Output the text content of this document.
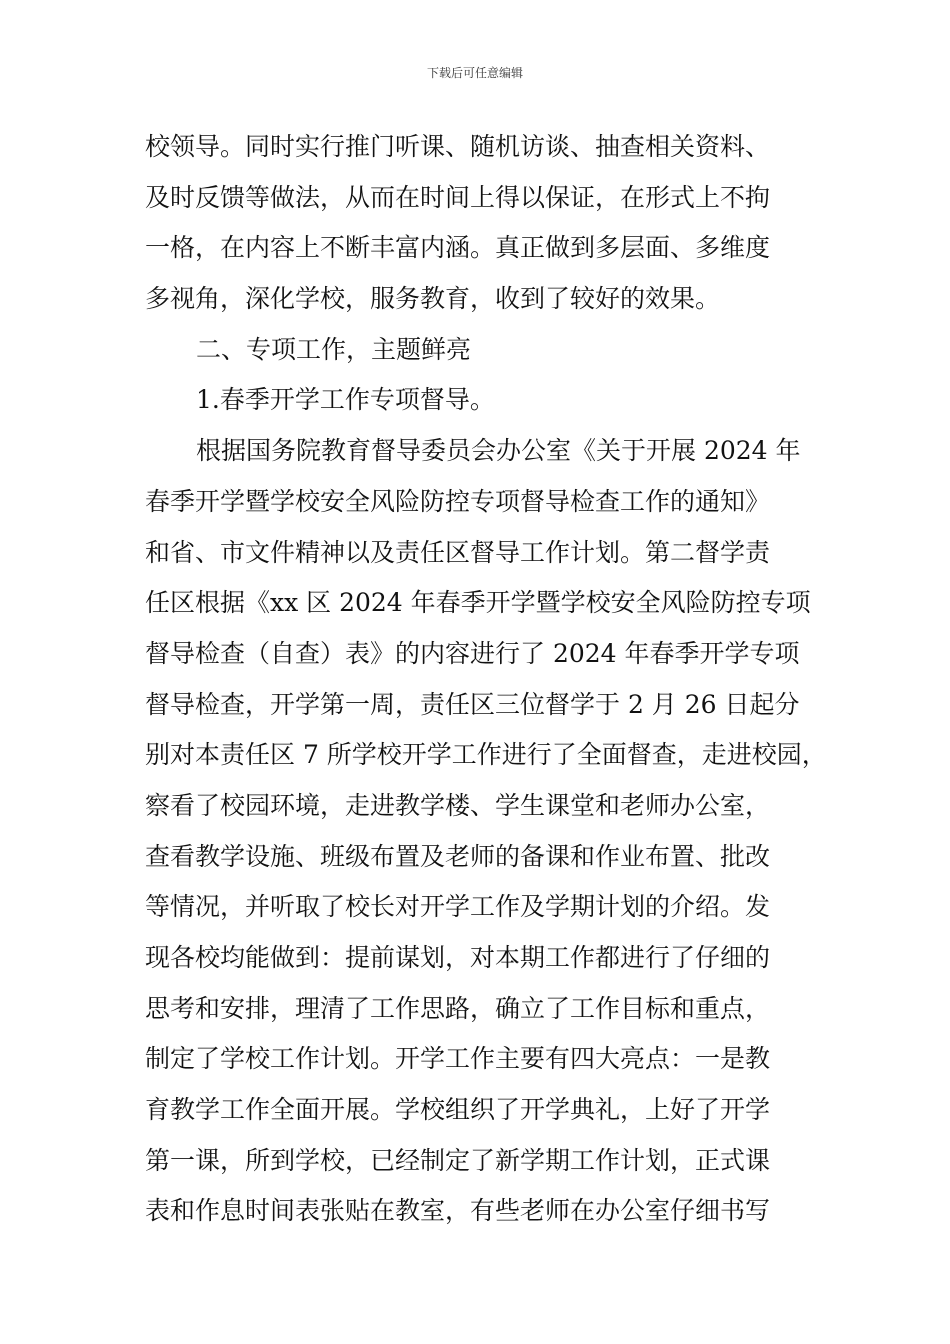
下载后可任意编辑
校领导。同时实行推门听课、随机访谈、抽查相关资料、
及时反馈等做法，从而在时间上得以保证，在形式上不拘
一格，在内容上不断丰富内涵。真正做到多层面、多维度
多视角，深化学校，服务教育，收到了较好的效果。
二、专项工作，主题鲜亮
1.春季开学工作专项督导。
根据国务院教育督导委员会办公室《关于开展 2024 年
春季开学暨学校安全风险防控专项督导检查工作的通知》
和省、市文件精神以及责任区督导工作计划。第二督学责
任区根据《xx 区 2024 年春季开学暨学校安全风险防控专项
督导检查（自查）表》的内容进行了 2024 年春季开学专项
督导检查，开学第一周，责任区三位督学于 2 月 26 日起分
别对本责任区 7 所学校开学工作进行了全面督查，走进校园，
察看了校园环境，走进教学楼、学生课堂和老师办公室，
查看教学设施、班级布置及老师的备课和作业布置、批改
等情况，并听取了校长对开学工作及学期计划的介绍。发
现各校均能做到：提前谋划，对本期工作都进行了仔细的
思考和安排，理清了工作思路，确立了工作目标和重点，
制定了学校工作计划。开学工作主要有四大亮点：一是教
育教学工作全面开展。学校组织了开学典礼，上好了开学
第一课，所到学校，已经制定了新学期工作计划，正式课
表和作息时间表张贴在教室，有些老师在办公室仔细书写
